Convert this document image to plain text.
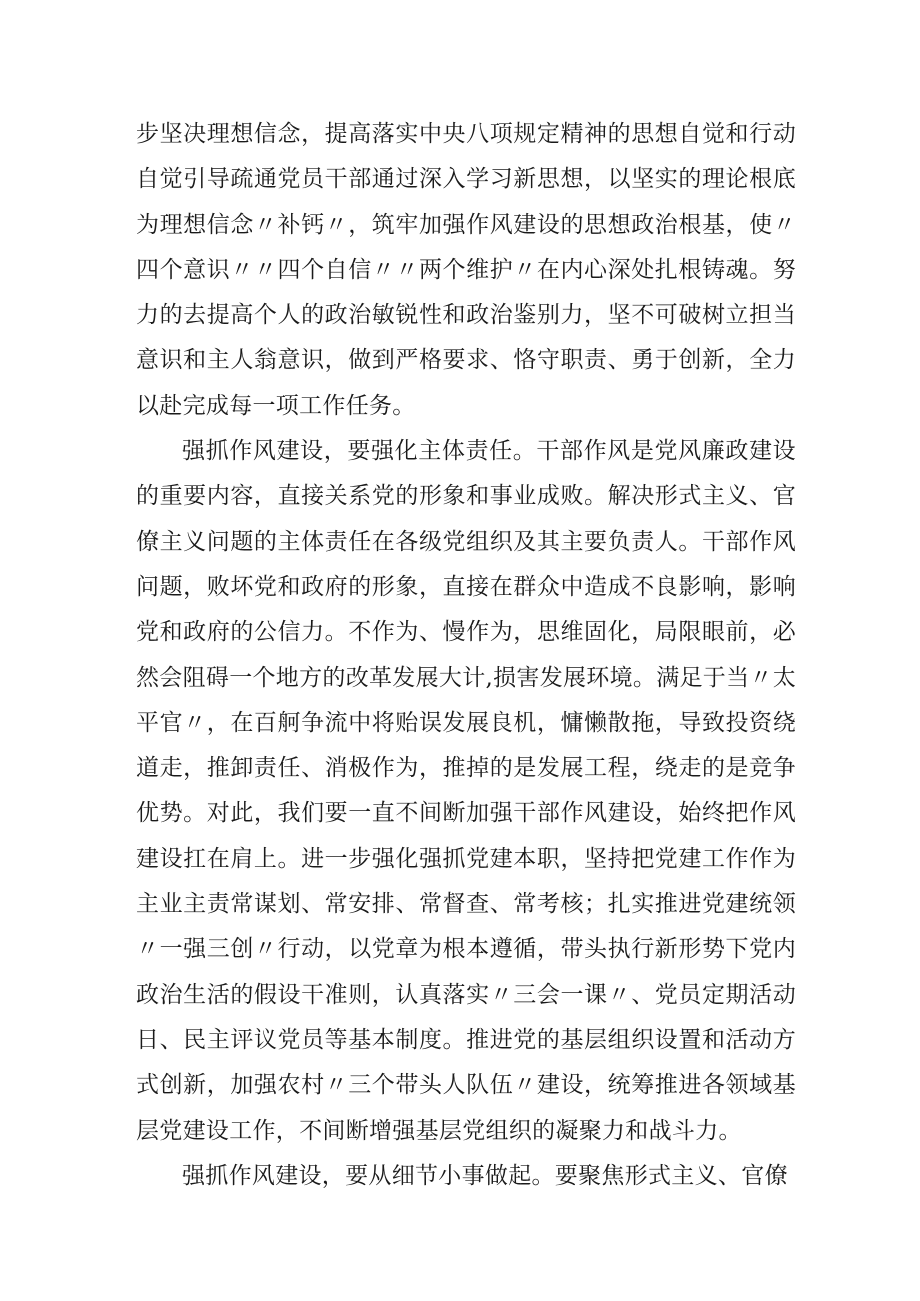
步坚决理想信念，提高落实中央八项规定精神的思想自觉和行动自觉引导疏通党员干部通过深入学习新思想，以坚实的理论根底为理想信念〃补钙〃，筑牢加强作风建设的思想政治根基，使〃四个意识〃〃四个自信〃〃两个维护〃在内心深处扎根铸魂。努力的去提高个人的政治敏锐性和政治鉴别力，坚不可破树立担当意识和主人翁意识，做到严格要求、恪守职责、勇于创新，全力以赴完成每一项工作任务。

强抓作风建设，要强化主体责任。干部作风是党风廉政建设的重要内容，直接关系党的形象和事业成败。解决形式主义、官僚主义问题的主体责任在各级党组织及其主要负责人。干部作风问题，败坏党和政府的形象，直接在群众中造成不良影响，影响党和政府的公信力。不作为、慢作为，思维固化，局限眼前，必然会阻碍一个地方的改革发展大计,损害发展环境。满足于当〃太平官〃，在百舸争流中将贻误发展良机，慵懒散拖，导致投资绕道走，推卸责任、消极作为，推掉的是发展工程，绕走的是竞争优势。对此，我们要一直不间断加强干部作风建设，始终把作风建设扛在肩上。进一步强化强抓党建本职，坚持把党建工作作为主业主责常谋划、常安排、常督查、常考核；扎实推进党建统领〃一强三创〃行动，以党章为根本遵循，带头执行新形势下党内政治生活的假设干准则，认真落实〃三会一课〃、党员定期活动日、民主评议党员等基本制度。推进党的基层组织设置和活动方式创新，加强农村〃三个带头人队伍〃建设，统筹推进各领域基层党建设工作，不间断增强基层党组织的凝聚力和战斗力。

强抓作风建设，要从细节小事做起。要聚焦形式主义、官僚
